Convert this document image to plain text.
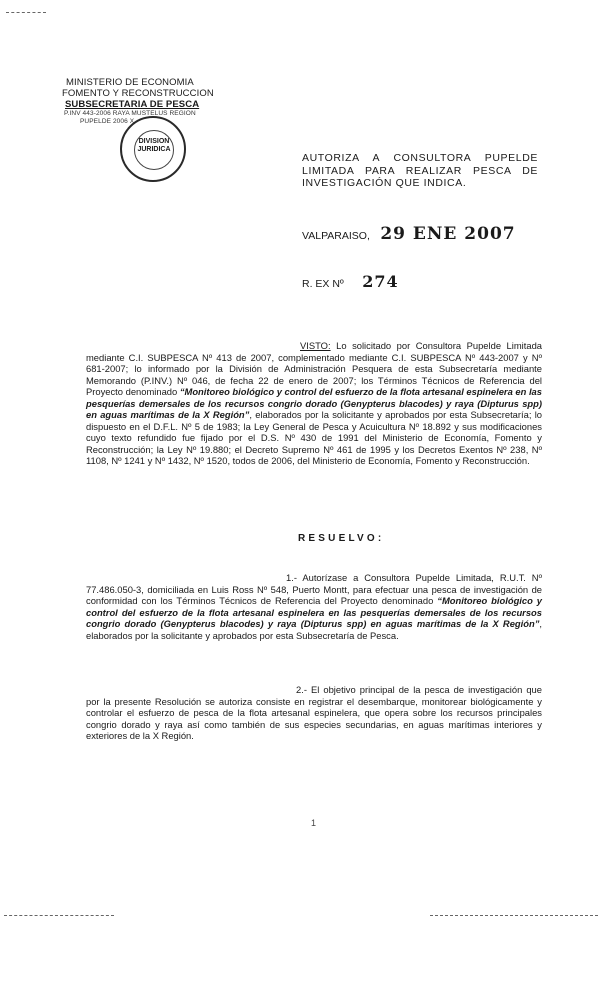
MINISTERIO DE ECONOMIA
FOMENTO Y RECONSTRUCCION
SUBSECRETARIA DE PESCA
P.INV 443-2006 RAYA MUSTELUS REGION
PUPELDE 2006 X
DIVISION
JURIDICA
AUTORIZA A CONSULTORA PUPELDE LIMITADA PARA REALIZAR PESCA DE INVESTIGACIÓN QUE INDICA.
VALPARAISO, 29 ENE 2007
R. EX Nº 274
VISTO: Lo solicitado por Consultora Pupelde Limitada mediante C.I. SUBPESCA Nº 413 de 2007, complementado mediante C.I. SUBPESCA Nº 443-2007 y Nº 681-2007; lo informado por la División de Administración Pesquera de esta Subsecretaría mediante Memorando (P.INV.) Nº 046, de fecha 22 de enero de 2007; los Términos Técnicos de Referencia del Proyecto denominado “Monitoreo biológico y control del esfuerzo de la flota artesanal espinelera en las pesquerías demersales de los recursos congrio dorado (Genypterus blacodes) y raya (Dipturus spp) en aguas marítimas de la X Región”, elaborados por la solicitante y aprobados por esta Subsecretaría; lo dispuesto en el D.F.L. Nº 5 de 1983; la Ley General de Pesca y Acuicultura Nº 18.892 y sus modificaciones cuyo texto refundido fue fijado por el D.S. Nº 430 de 1991 del Ministerio de Economía, Fomento y Reconstrucción; la Ley Nº 19.880; el Decreto Supremo Nº 461 de 1995 y los Decretos Exentos Nº 238, Nº 1108, Nº 1241 y Nº 1432, Nº 1520, todos de 2006, del Ministerio de Economía, Fomento y Reconstrucción.
RESUELVO:
1.- Autorízase a Consultora Pupelde Limitada, R.U.T. Nº 77.486.050-3, domiciliada en Luis Ross Nº 548, Puerto Montt, para efectuar una pesca de investigación de conformidad con los Términos Técnicos de Referencia del Proyecto denominado “Monitoreo biológico y control del esfuerzo de la flota artesanal espinelera en las pesquerías demersales de los recursos congrio dorado (Genypterus blacodes) y raya (Dipturus spp) en aguas marítimas de la X Región”, elaborados por la solicitante y aprobados por esta Subsecretaría de Pesca.
2.- El objetivo principal de la pesca de investigación que por la presente Resolución se autoriza consiste en registrar el desembarque, monitorear biológicamente y controlar el esfuerzo de pesca de la flota artesanal espinelera, que opera sobre los recursos principales congrio dorado y raya así como también de sus especies secundarias, en aguas marítimas interiores y exteriores de la X Región.
1
